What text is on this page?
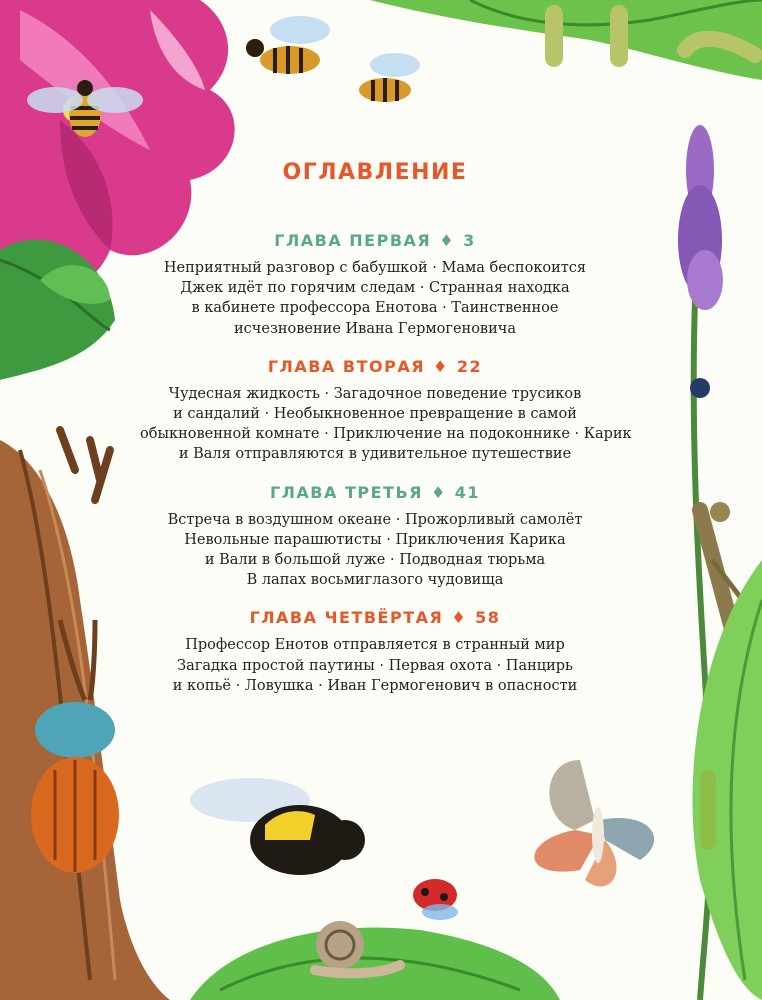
ОГЛАВЛЕНИЕ
ГЛАВА ПЕРВАЯ ♦ 3
Неприятный разговор с бабушкой · Мама беспокоится
Джек идёт по горячим следам · Странная находка
в кабинете профессора Енотова · Таинственное
исчезновение Ивана Гермогеновича
ГЛАВА ВТОРАЯ ♦ 22
Чудесная жидкость · Загадочное поведение трусиков
и сандалий · Необыкновенное превращение в самой
обыкновенной комнате · Приключение на подоконнике · Карик
и Валя отправляются в удивительное путешествие
ГЛАВА ТРЕТЬЯ ♦ 41
Встреча в воздушном океане · Прожорливый самолёт
Невольные парашютисты · Приключения Карика
и Вали в большой луже · Подводная тюрьма
В лапах восьмиглазого чудовища
ГЛАВА ЧЕТВЁРТАЯ ♦ 58
Профессор Енотов отправляется в странный мир
Загадка простой паутины · Первая охота · Панцирь
и копьё · Ловушка · Иван Гермогенович в опасности
